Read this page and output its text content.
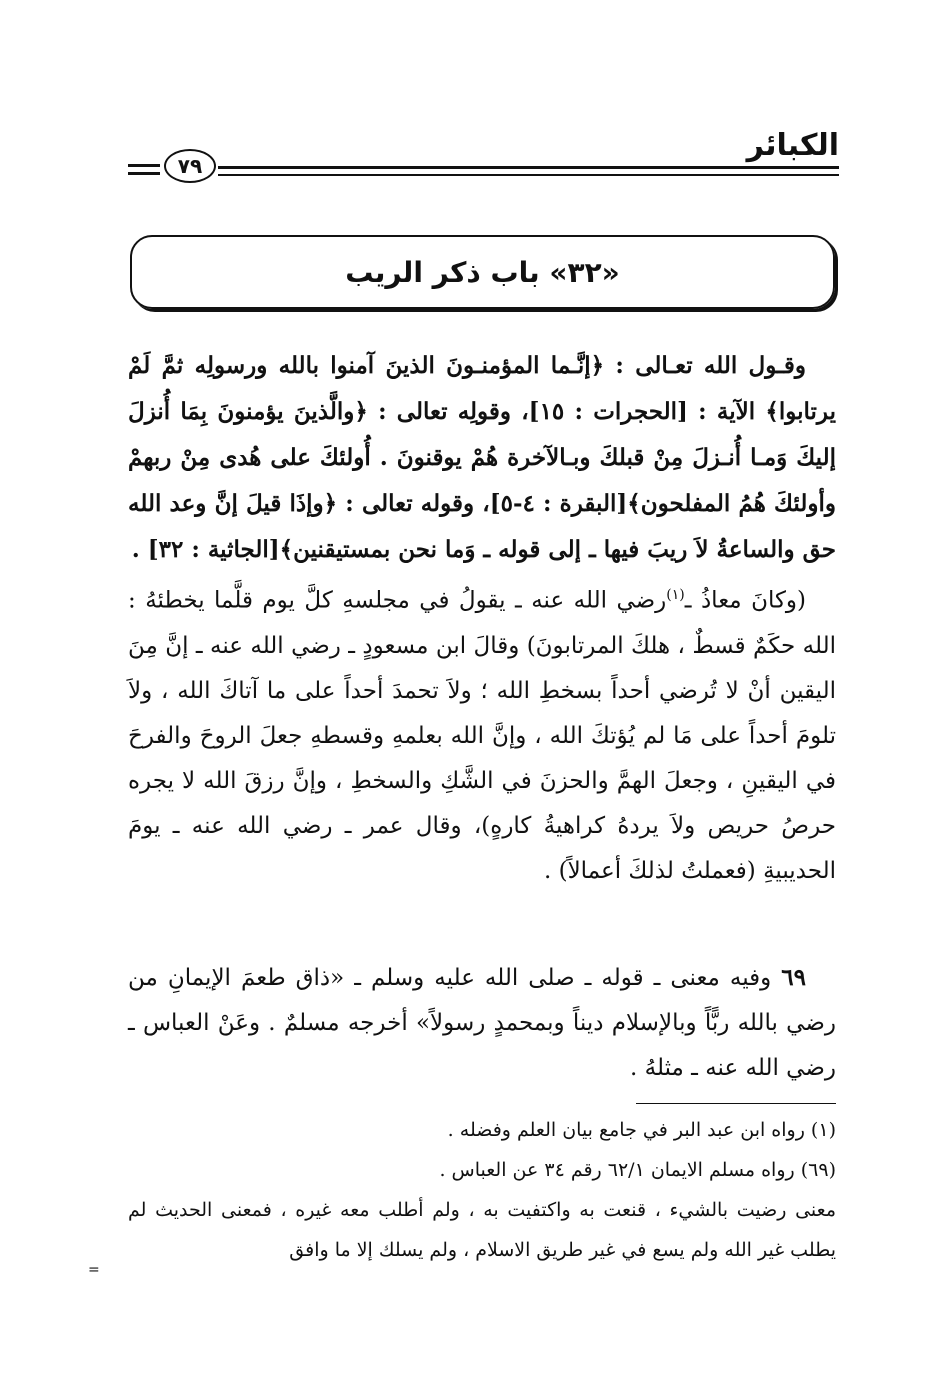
الكبائر
٧٩
«٣٢» باب ذكر الريب

وقـول الله تعـالى : ﴿إنَّـما المؤمنـونَ الذينَ آمنوا بالله ورسولِه ثمَّ لَمْ يرتابوا﴾ الآية : [الحجرات : ١٥]، وقولِه تعالى : ﴿والَّذينَ يؤمنونَ بِمَا أُنزلَ إليكَ وَمـا أُنـزلَ مِنْ قبلكَ وبـالآخرة هُمْ يوقنونَ . أُولئكَ على هُدى مِنْ ربهمْ وأولئكَ هُمُ المفلحون﴾[البقرة : ٤-٥]، وقوله تعالى : ﴿وإذَا قيلَ إنَّ وعد الله حق والساعةُ لاَ ريبَ فيها ـ إلى قوله ـ وَما نحن بمستيقنين﴾[الجاثية : ٣٢] .

(وكانَ معاذُ ـ$^{(١)}$رضي الله عنه ـ يقولُ في مجلسهِ كلَّ يوم قلَّما يخطئهُ : الله حكَمٌ قسطٌ ، هلكَ المرتابونَ) وقالَ ابن مسعودٍ ـ رضي الله عنه ـ إنَّ مِنَ اليقين أنْ لا تُرضي أحداً بسخطِ الله ؛ ولاَ تحمدَ أحداً على ما آتاكَ الله ، ولاَ تلومَ أحداً على مَا لم يُؤتكَ الله ، وإنَّ الله بعلمهِ وقسطهِ جعلَ الروحَ والفرحَ في اليقينِ ، وجعلَ الهمَّ والحزنَ في الشَّكِ والسخطِ ، وإنَّ رزقَ الله لا يجره حرصُ حريص ولاَ يردهُ كراهيةُ كارهٍ)، وقال عمر ـ رضي الله عنه ـ يومَ الحديبيةِ (فعملتُ لذلكَ أعمالاً) .

٦٩ وفيه معنى ـ قوله ـ صلى الله عليه وسلم ـ «ذاق طعمَ الإيمانِ من رضي بالله ربًّاً وبالإسلام ديناً وبمحمدٍ رسولاً» أخرجه مسلمٌ . وعَنْ العباس ـ رضي الله عنه ـ مثلهُ .

(١) رواه ابن عبد البر في جامع بيان العلم وفضله .

(٦٩) رواه مسلم الايمان ٦٢/١ رقم ٣٤ عن العباس .

معنى رضيت بالشيء ، قنعت به واكتفيت به ، ولم أطلب معه غيره ، فمعنى الحديث لم يطلب غير الله ولم يسع في غير طريق الاسلام ، ولم يسلك إلا ما وافق

=
